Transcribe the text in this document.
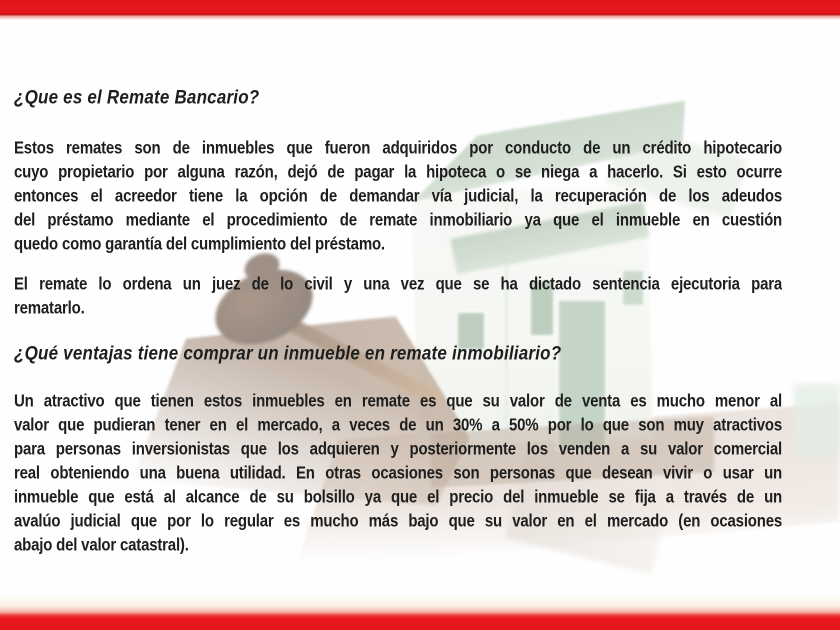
¿Que es el Remate Bancario?
Estos remates son de inmuebles que fueron adquiridos por conducto de un crédito hipotecario
cuyo propietario por alguna razón, dejó de pagar la hipoteca o se niega a hacerlo. Si esto ocurre
entonces el acreedor tiene la opción de demandar vía judicial, la recuperación de los adeudos
del préstamo mediante el procedimiento de remate inmobiliario ya que el inmueble en cuestión
quedo como garantía del cumplimiento del préstamo.
El remate lo ordena un juez de lo civil y una vez que se ha dictado sentencia ejecutoria para
rematarlo.
¿Qué ventajas tiene comprar un inmueble en remate inmobiliario?
Un atractivo que tienen estos inmuebles en remate es que su valor de venta es mucho menor al
valor que pudieran tener en el mercado, a veces de un 30% a 50% por lo que son muy atractivos
para personas inversionistas que los adquieren y posteriormente los venden a su valor comercial
real obteniendo una buena utilidad. En otras ocasiones son personas que desean vivir o usar un
inmueble que está al alcance de su bolsillo ya que el precio del inmueble se fija a través de un
avalúo judicial que por lo regular es mucho más bajo que su valor en el mercado (en ocasiones
abajo del valor catastral).
